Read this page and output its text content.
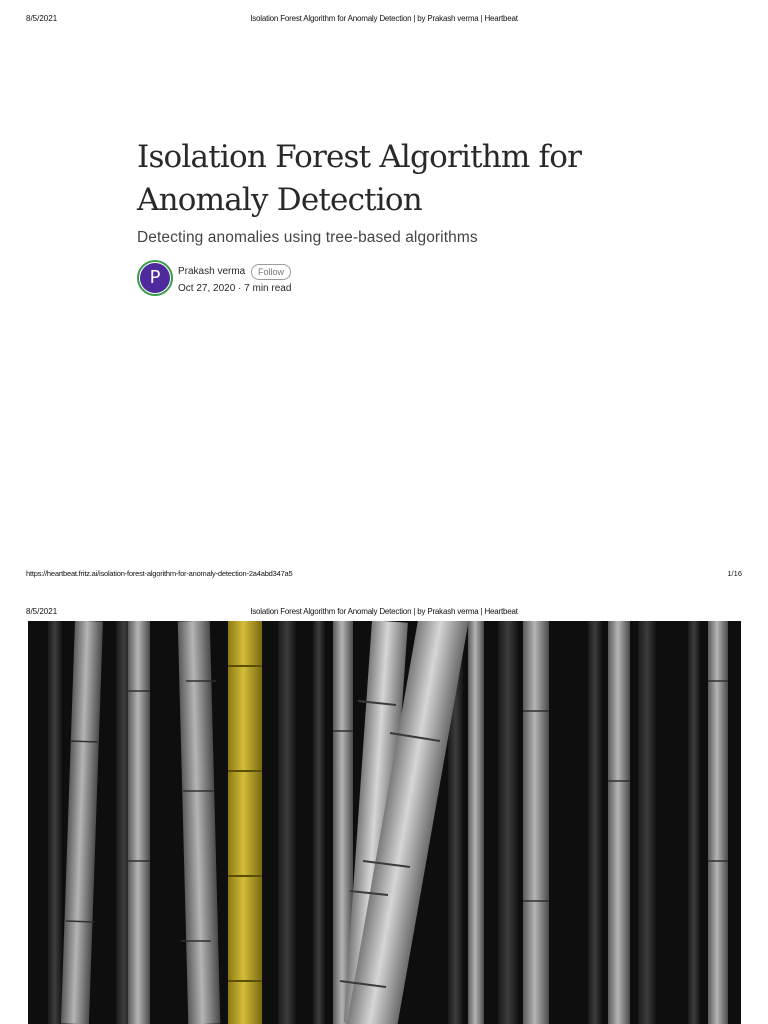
8/5/2021	Isolation Forest Algorithm for Anomaly Detection | by Prakash verma | Heartbeat
Isolation Forest Algorithm for Anomaly Detection
Detecting anomalies using tree-based algorithms
P	Prakash verma	Follow
Oct 27, 2020 · 7 min read
https://heartbeat.fritz.ai/isolation-forest-algorithm-for-anomaly-detection-2a4abd347a5	1/16
8/5/2021	Isolation Forest Algorithm for Anomaly Detection | by Prakash verma | Heartbeat
